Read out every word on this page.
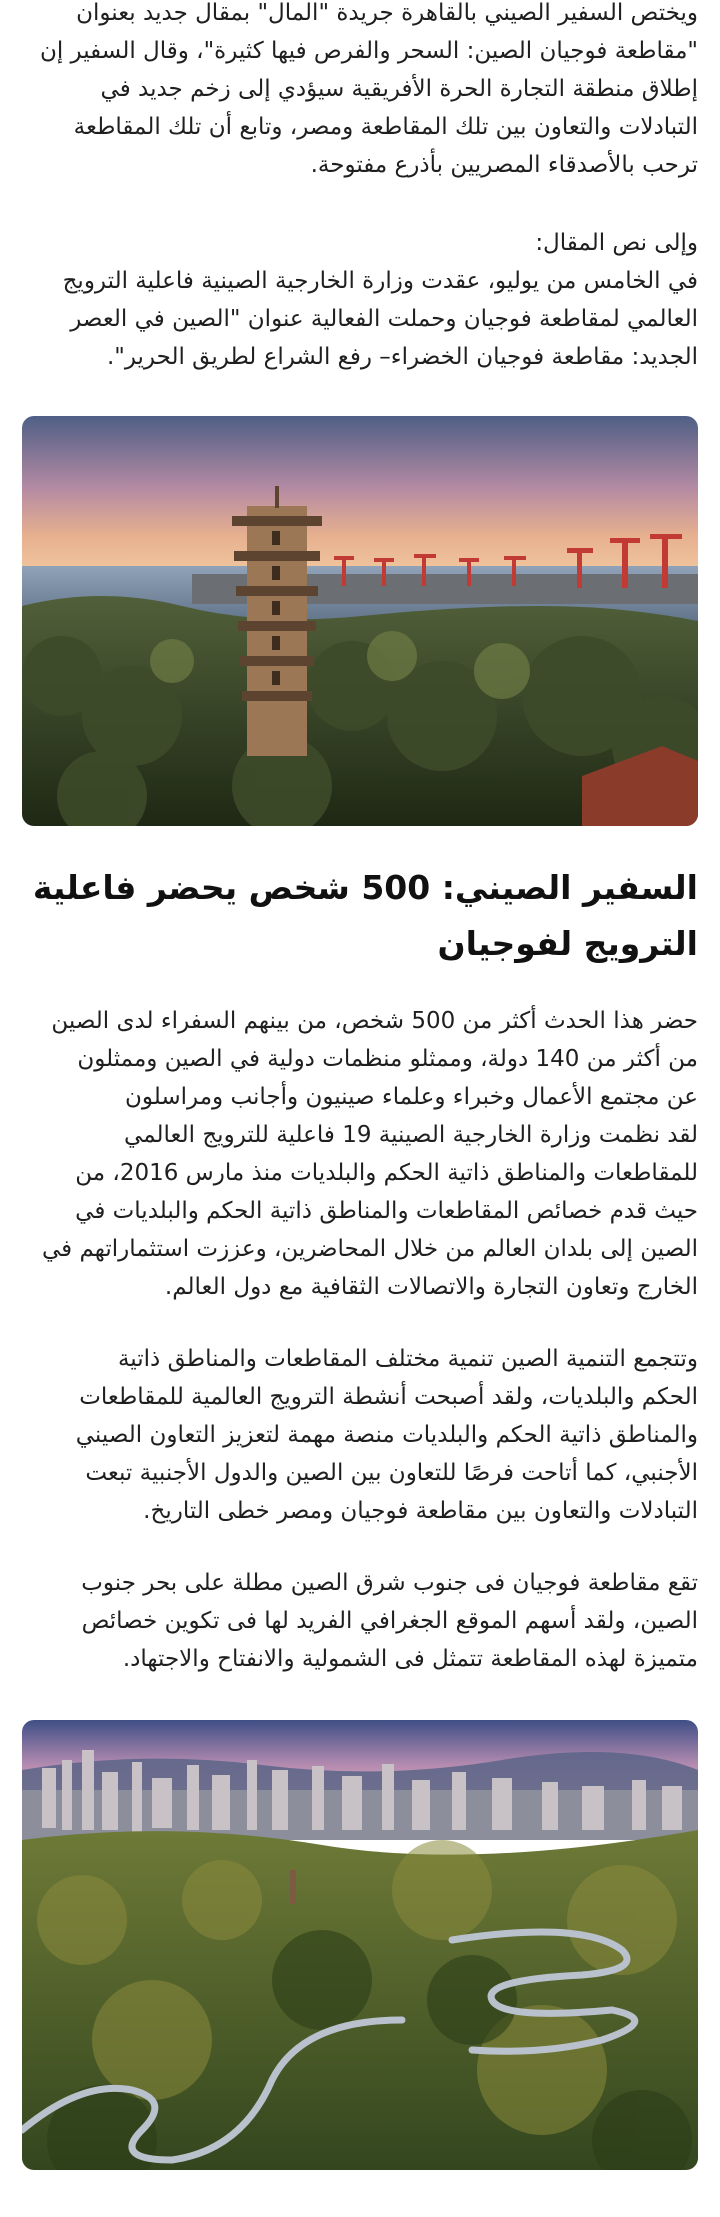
ويختص السفير الصيني بالقاهرة جريدة "المال" بمقال جديد بعنوان
"مقاطعة فوجيان الصين: السحر والفرص فيها كثيرة"، وقال السفير إن
إطلاق منطقة التجارة الحرة الأفريقية سيؤدي إلى زخم جديد في
التبادلات والتعاون بين تلك المقاطعة ومصر، وتابع أن تلك المقاطعة
ترحب بالأصدقاء المصريين بأذرع مفتوحة.

وإلى نص المقال:

في الخامس من يوليو، عقدت وزارة الخارجية الصينية فاعلية الترويج
العالمي لمقاطعة فوجيان وحملت الفعالية عنوان "الصين في العصر
الجديد: مقاطعة فوجيان الخضراء– رفع الشراع لطريق الحرير".

السفير الصيني: 500 شخص يحضر فاعلية
الترويج لفوجيان

حضر هذا الحدث أكثر من 500 شخص، من بينهم السفراء لدى الصين
من أكثر من 140 دولة، وممثلو منظمات دولية في الصين وممثلون
عن مجتمع الأعمال وخبراء وعلماء صينيون وأجانب ومراسلون
لقد نظمت وزارة الخارجية الصينية 19 فاعلية للترويج العالمي
للمقاطعات والمناطق ذاتية الحكم والبلديات منذ مارس 2016، من
حيث قدم خصائص المقاطعات والمناطق ذاتية الحكم والبلديات في
الصين إلى بلدان العالم من خلال المحاضرين، وعززت استثماراتهم في
الخارج وتعاون التجارة والاتصالات الثقافية مع دول العالم.

وتتجمع التنمية الصين تنمية مختلف المقاطعات والمناطق ذاتية
الحكم والبلديات، ولقد أصبحت أنشطة الترويج العالمية للمقاطعات
والمناطق ذاتية الحكم والبلديات منصة مهمة لتعزيز التعاون الصيني
الأجنبي، كما أتاحت فرصًا للتعاون بين الصين والدول الأجنبية تبعت
التبادلات والتعاون بين مقاطعة فوجيان ومصر خطى التاريخ.

تقع مقاطعة فوجيان فى جنوب شرق الصين مطلة على بحر جنوب
الصين، ولقد أسهم الموقع الجغرافي الفريد لها فى تكوين خصائص
متميزة لهذه المقاطعة تتمثل فى الشمولية والانفتاح والاجتهاد.
